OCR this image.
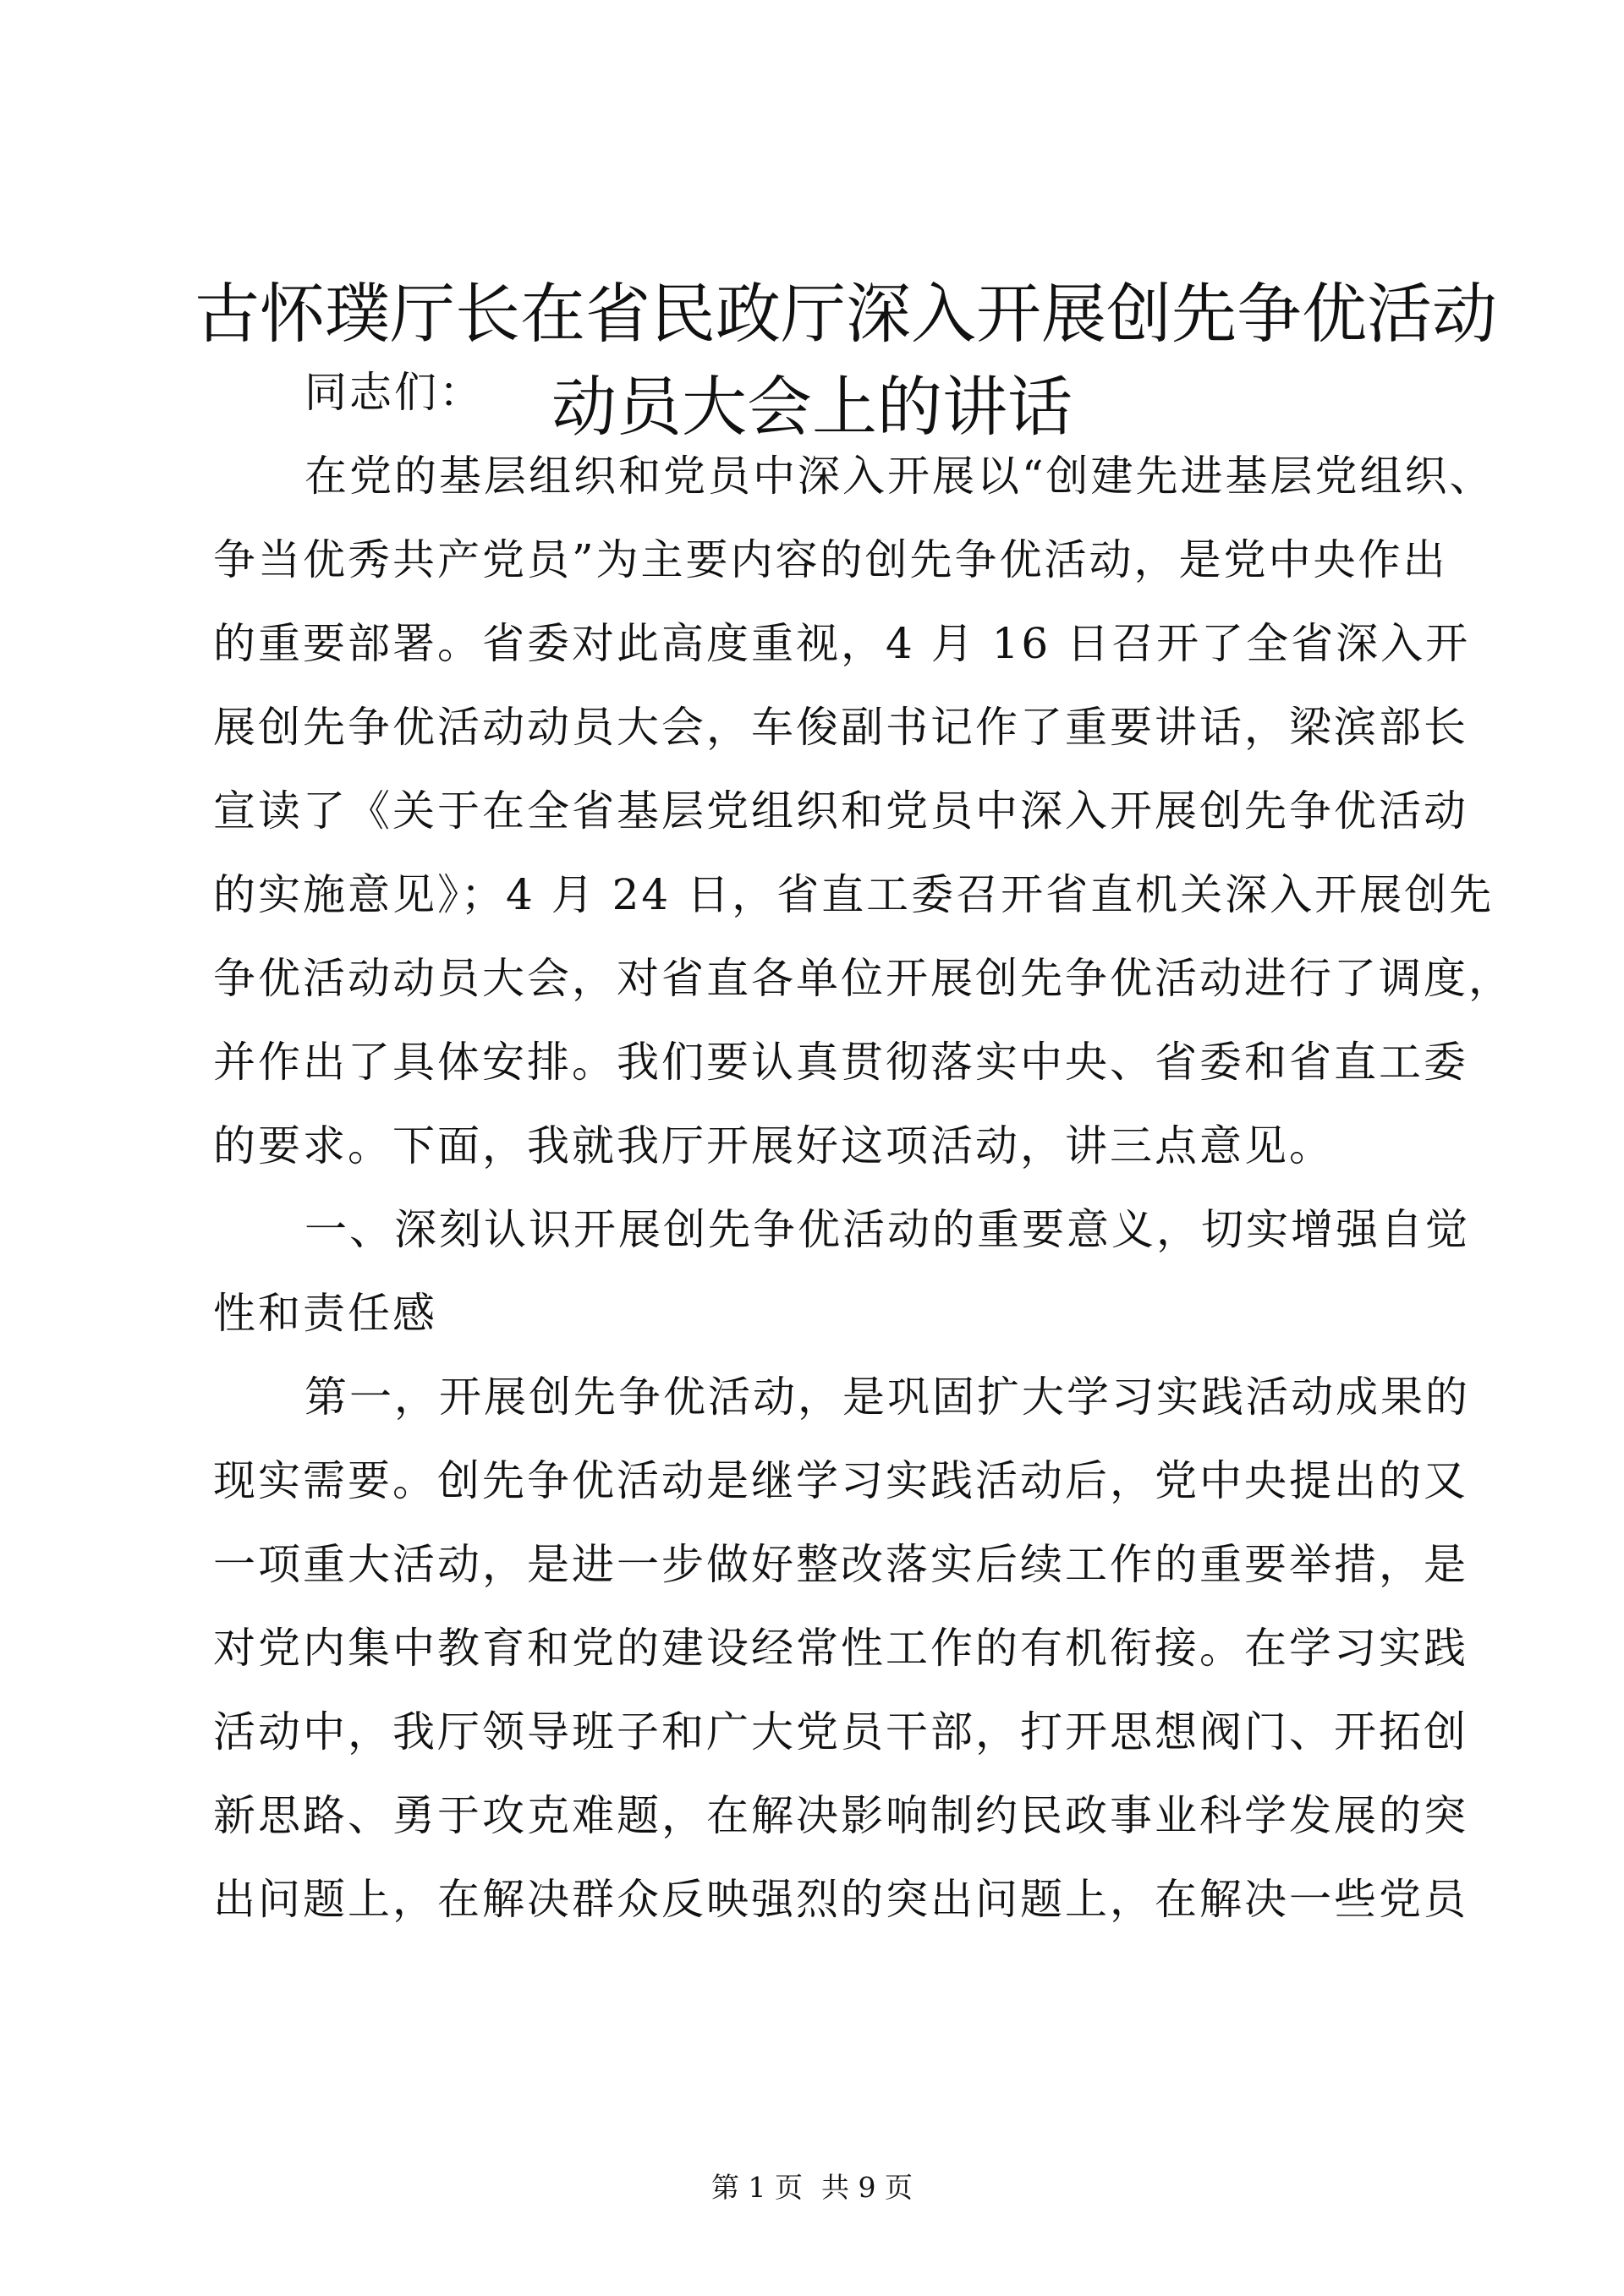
古怀璞厅长在省民政厅深入开展创先争优活动
动员大会上的讲话
同志们：
在党的基层组织和党员中深入开展以“创建先进基层党组织、
争当优秀共产党员”为主要内容的创先争优活动，是党中央作出
的重要部署。省委对此高度重视，4 月 16 日召开了全省深入开
展创先争优活动动员大会，车俊副书记作了重要讲话，梁滨部长
宣读了《关于在全省基层党组织和党员中深入开展创先争优活动
的实施意见》；4 月 24 日，省直工委召开省直机关深入开展创先
争优活动动员大会，对省直各单位开展创先争优活动进行了调度，
并作出了具体安排。我们要认真贯彻落实中央、省委和省直工委
的要求。下面，我就我厅开展好这项活动，讲三点意见。
一、深刻认识开展创先争优活动的重要意义，切实增强自觉
性和责任感
第一，开展创先争优活动，是巩固扩大学习实践活动成果的
现实需要。创先争优活动是继学习实践活动后，党中央提出的又
一项重大活动，是进一步做好整改落实后续工作的重要举措，是
对党内集中教育和党的建设经常性工作的有机衔接。在学习实践
活动中，我厅领导班子和广大党员干部，打开思想阀门、开拓创
新思路、勇于攻克难题，在解决影响制约民政事业科学发展的突
出问题上，在解决群众反映强烈的突出问题上，在解决一些党员
第 1 页 共 9 页
